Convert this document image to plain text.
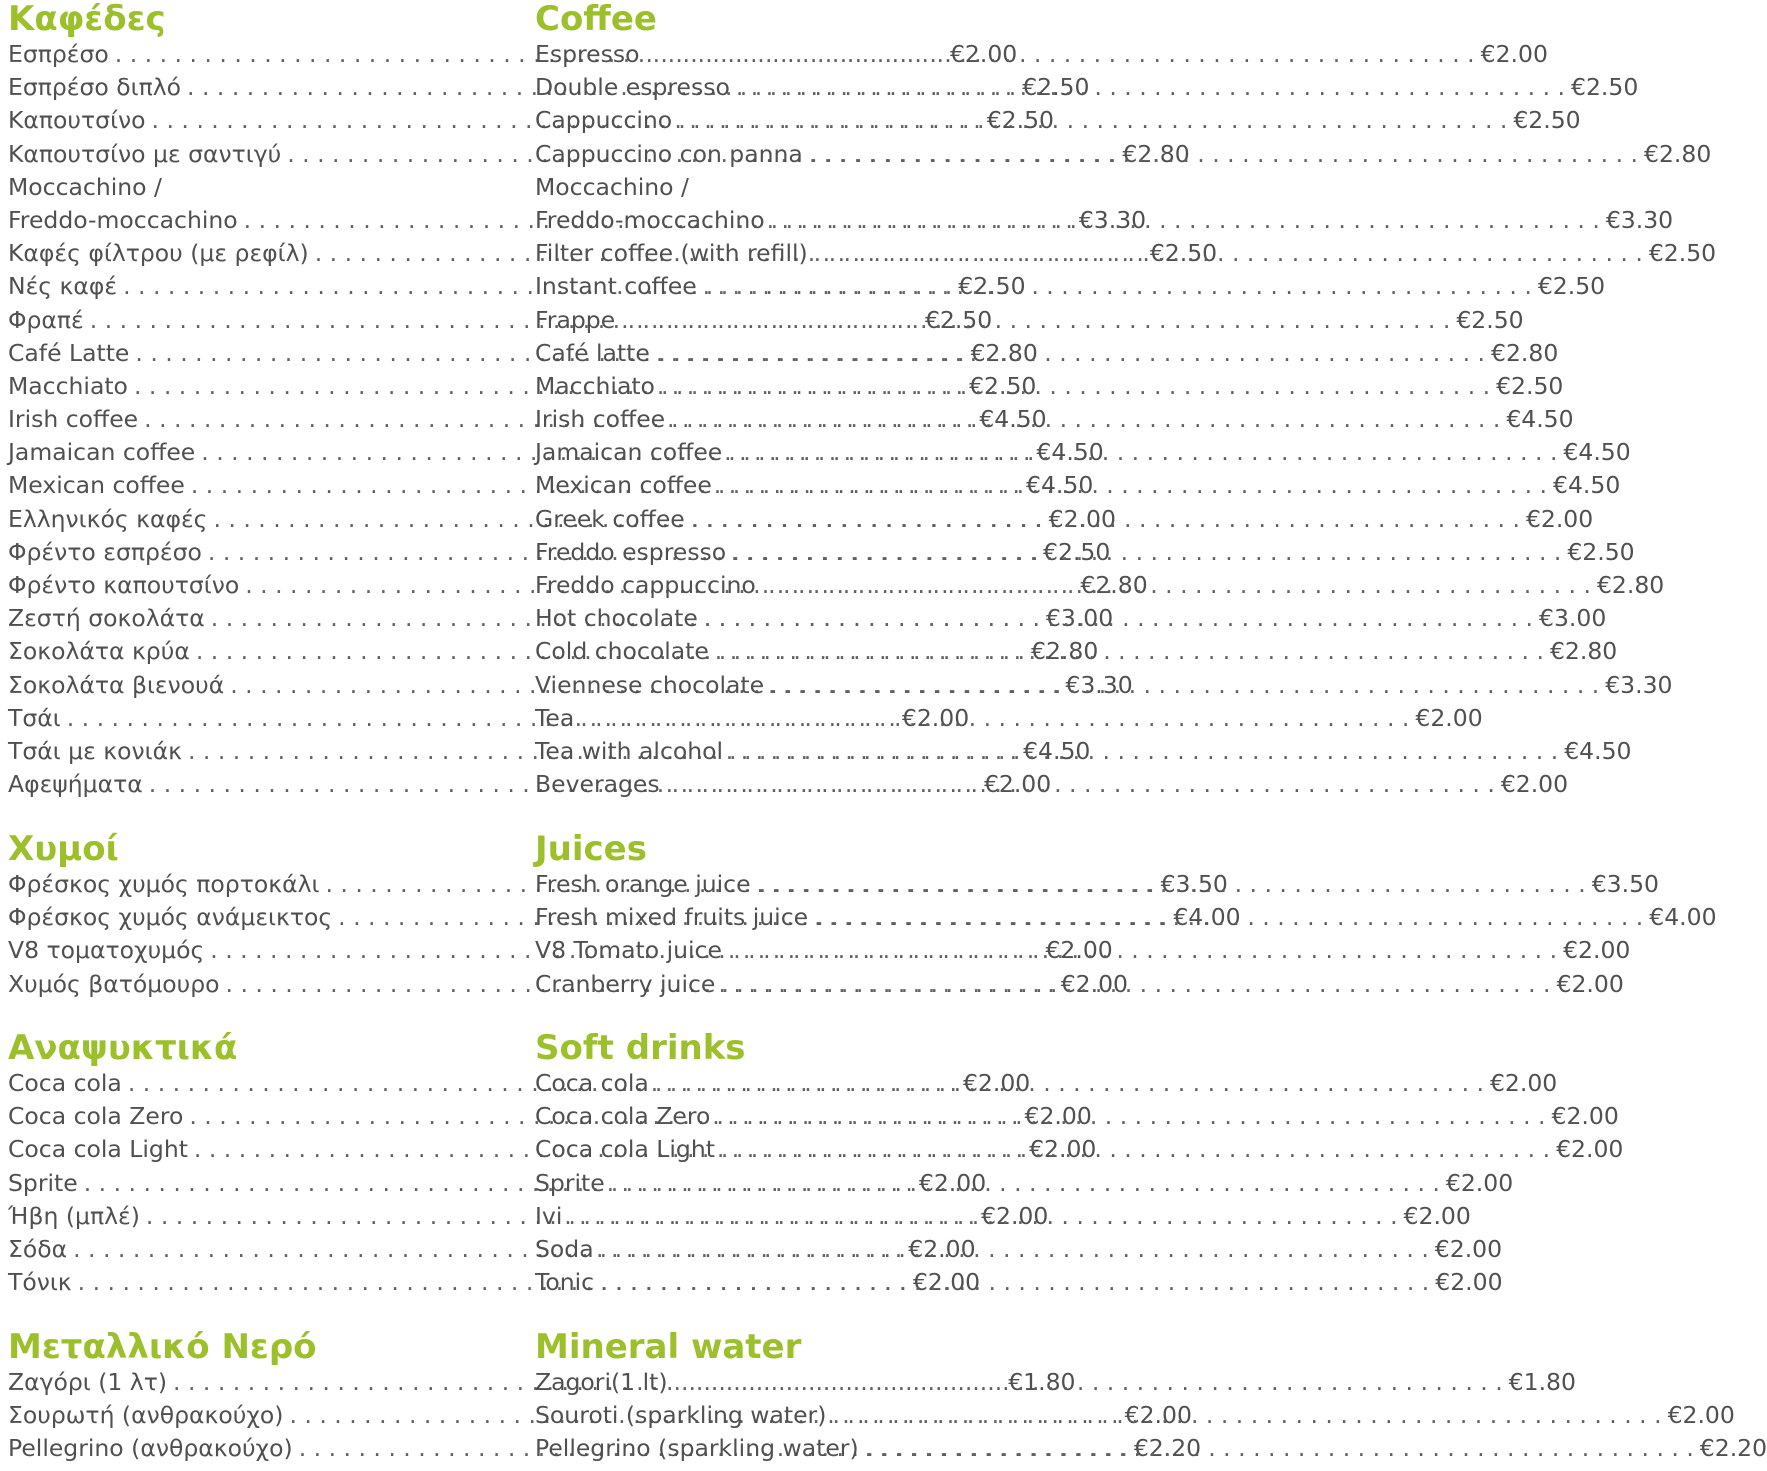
Καφέδες
Εσπρέσο . . .	€2.00
Εσπρέσο διπλό . . .	€2.50
Καπουτσίνο . . .	€2.50
Καπουτσίνο με σαντιγύ . . .	€2.80
Moccachino /
Freddo-moccachino . . .	€3.30
Καφές φίλτρου (με ρεφίλ) . . .	€2.50
Νές καφέ . . .	€2.50
Φραπέ . . .	€2.50
Café Latte . . .	€2.80
Macchiato . . .	€2.50
Irish coffee . . .	€4.50
Jamaican coffee . . .	€4.50
Mexican coffee . . .	€4.50
Ελληνικός καφές . . .	€2.00
Φρέντο εσπρέσο . . .	€2.50
Φρέντο καπουτσίνο . . .	€2.80
Ζεστή σοκολάτα . . .	€3.00
Σοκολάτα κρύα . . .	€2.80
Σοκολάτα βιενουά . . .	€3.30
Τσάι . . .	€2.00
Τσάι με κονιάκ . . .	€4.50
Αφεψήματα . . .	€2.00
Χυμοί
Φρέσκος χυμός πορτοκάλι . . .	€3.50
Φρέσκος χυμός ανάμεικτος . . .	€4.00
V8 τοματοχυμός . . .	€2.00
Χυμός βατόμουρο . . .	€2.00
Αναψυκτικά
Coca cola . . .	€2.00
Coca cola Zero . . .	€2.00
Coca cola Light . . .	€2.00
Sprite . . .	€2.00
Ήβη (μπλέ) . . .	€2.00
Σόδα . . .	€2.00
Τόνικ . . .	€2.00
Μεταλλικό Νερό
Ζαγόρι (1 λτ) . . .	€1.80
Σουρωτή (ανθρακούχο) . . .	€2.00
Pellegrino (ανθρακούχο) . . .	€2.20
Coffee
Espresso . . .	€2.00
Double espresso . . .	€2.50
Cappuccino . . .	€2.50
Cappuccino con panna . . .	€2.80
Moccachino /
Freddo-moccachino . . .	€3.30
Filter coffee (with refill) . . .	€2.50
Instant coffee . . .	€2.50
Frappe . . .	€2.50
Café latte . . .	€2.80
Macchiato . . .	€2.50
Irish coffee . . .	€4.50
Jamaican coffee . . .	€4.50
Mexican coffee . . .	€4.50
Greek coffee . . .	€2.00
Freddo espresso . . .	€2.50
Freddo cappuccino . . .	€2.80
Hot chocolate . . .	€3.00
Cold chocolate . . .	€2.80
Viennese chocolate . . .	€3.30
Tea . . .	€2.00
Tea with alcohol . . .	€4.50
Beverages . . .	€2.00
Juices
Fresh orange juice . . .	€3.50
Fresh mixed fruits juice . . .	€4.00
V8 Tomato juice . . .	€2.00
Cranberry juice . . .	€2.00
Soft drinks
Coca cola . . .	€2.00
Coca cola Zero . . .	€2.00
Coca cola Light . . .	€2.00
Sprite . . .	€2.00
Ivi . . .	€2.00
Soda . . .	€2.00
Tonic . . .	€2.00
Mineral water
Zagori(1 lt) . . .	€1.80
Souroti (sparkling water) . . .	€2.00
Pellegrino (sparkling water) . . .	€2.20
